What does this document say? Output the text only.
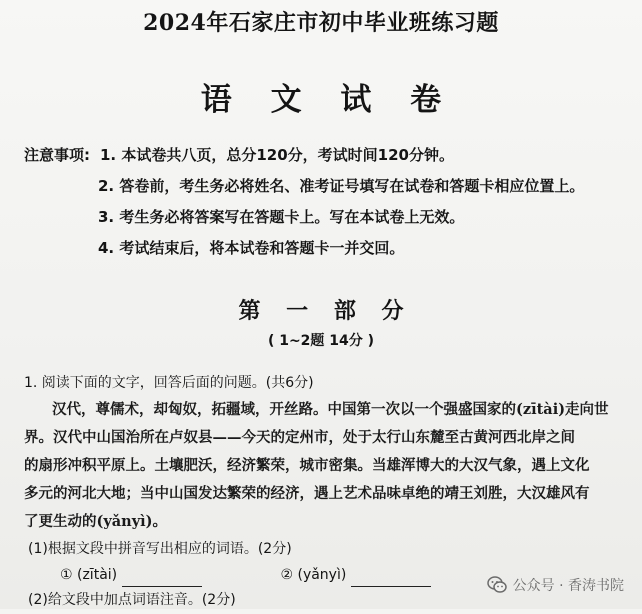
2024年石家庄市初中毕业班练习题
语 文 试 卷
注意事项: 1. 本试卷共八页，总分120分，考试时间120分钟。
2. 答卷前，考生务必将姓名、准考证号填写在试卷和答题卡相应位置上。
3. 考生务必将答案写在答题卡上。写在本试卷上无效。
4. 考试结束后，将本试卷和答题卡一并交回。
第 一 部 分
( 1~2题 14分 )
1. 阅读下面的文字，回答后面的问题。(共6分)
汉代，尊儒术，却匈奴，拓疆域，开丝路。中国第一次以一个强盛国家的(zītài)走向世
界。汉代中山国治所在卢奴县——今天的定州市，处于太行山东麓至古黄河西北岸之间
的扇形冲积平原上。土壤肥沃，经济繁荣，城市密集。当雄浑博大的大汉气象，遇上文化
多元的河北大地；当中山国发达繁荣的经济，遇上艺术品味卓绝的靖王刘胜，大汉雄风有
了更生动的(yǎnyì)。
(1)根据文段中拼音写出相应的词语。(2分)
① (zītài)	② (yǎnyì)
(2)给文段中加点词语注音。(2分)
公众号 · 香涛书院
